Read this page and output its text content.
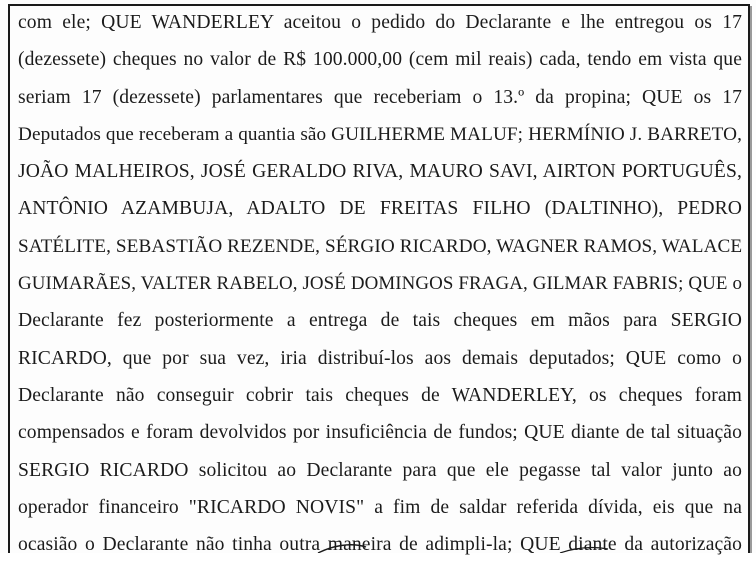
com ele; QUE WANDERLEY aceitou o pedido do Declarante e lhe entregou os 17
(dezessete) cheques no valor de R$ 100.000,00 (cem mil reais) cada, tendo em vista que
seriam 17 (dezessete) parlamentares que receberiam o 13.º da propina; QUE os 17
Deputados que receberam a quantia são GUILHERME MALUF; HERMÍNIO J. BARRETO,
JOÃO MALHEIROS, JOSÉ GERALDO RIVA, MAURO SAVI, AIRTON PORTUGUÊS,
ANTÔNIO AZAMBUJA, ADALTO DE FREITAS FILHO (DALTINHO), PEDRO
SATÉLITE, SEBASTIÃO REZENDE, SÉRGIO RICARDO, WAGNER RAMOS, WALACE
GUIMARÃES, VALTER RABELO, JOSÉ DOMINGOS FRAGA, GILMAR FABRIS; QUE o
Declarante fez posteriormente a entrega de tais cheques em mãos para SERGIO
RICARDO, que por sua vez, iria distribuí-los aos demais deputados; QUE como o
Declarante não conseguir cobrir tais cheques de WANDERLEY, os cheques foram
compensados e foram devolvidos por insuficiência de fundos; QUE diante de tal situação
SERGIO RICARDO solicitou ao Declarante para que ele pegasse tal valor junto ao
operador financeiro "RICARDO NOVIS" a fim de saldar referida dívida, eis que na
ocasião o Declarante não tinha outra maneira de adimpli-la; QUE diante da autorização
